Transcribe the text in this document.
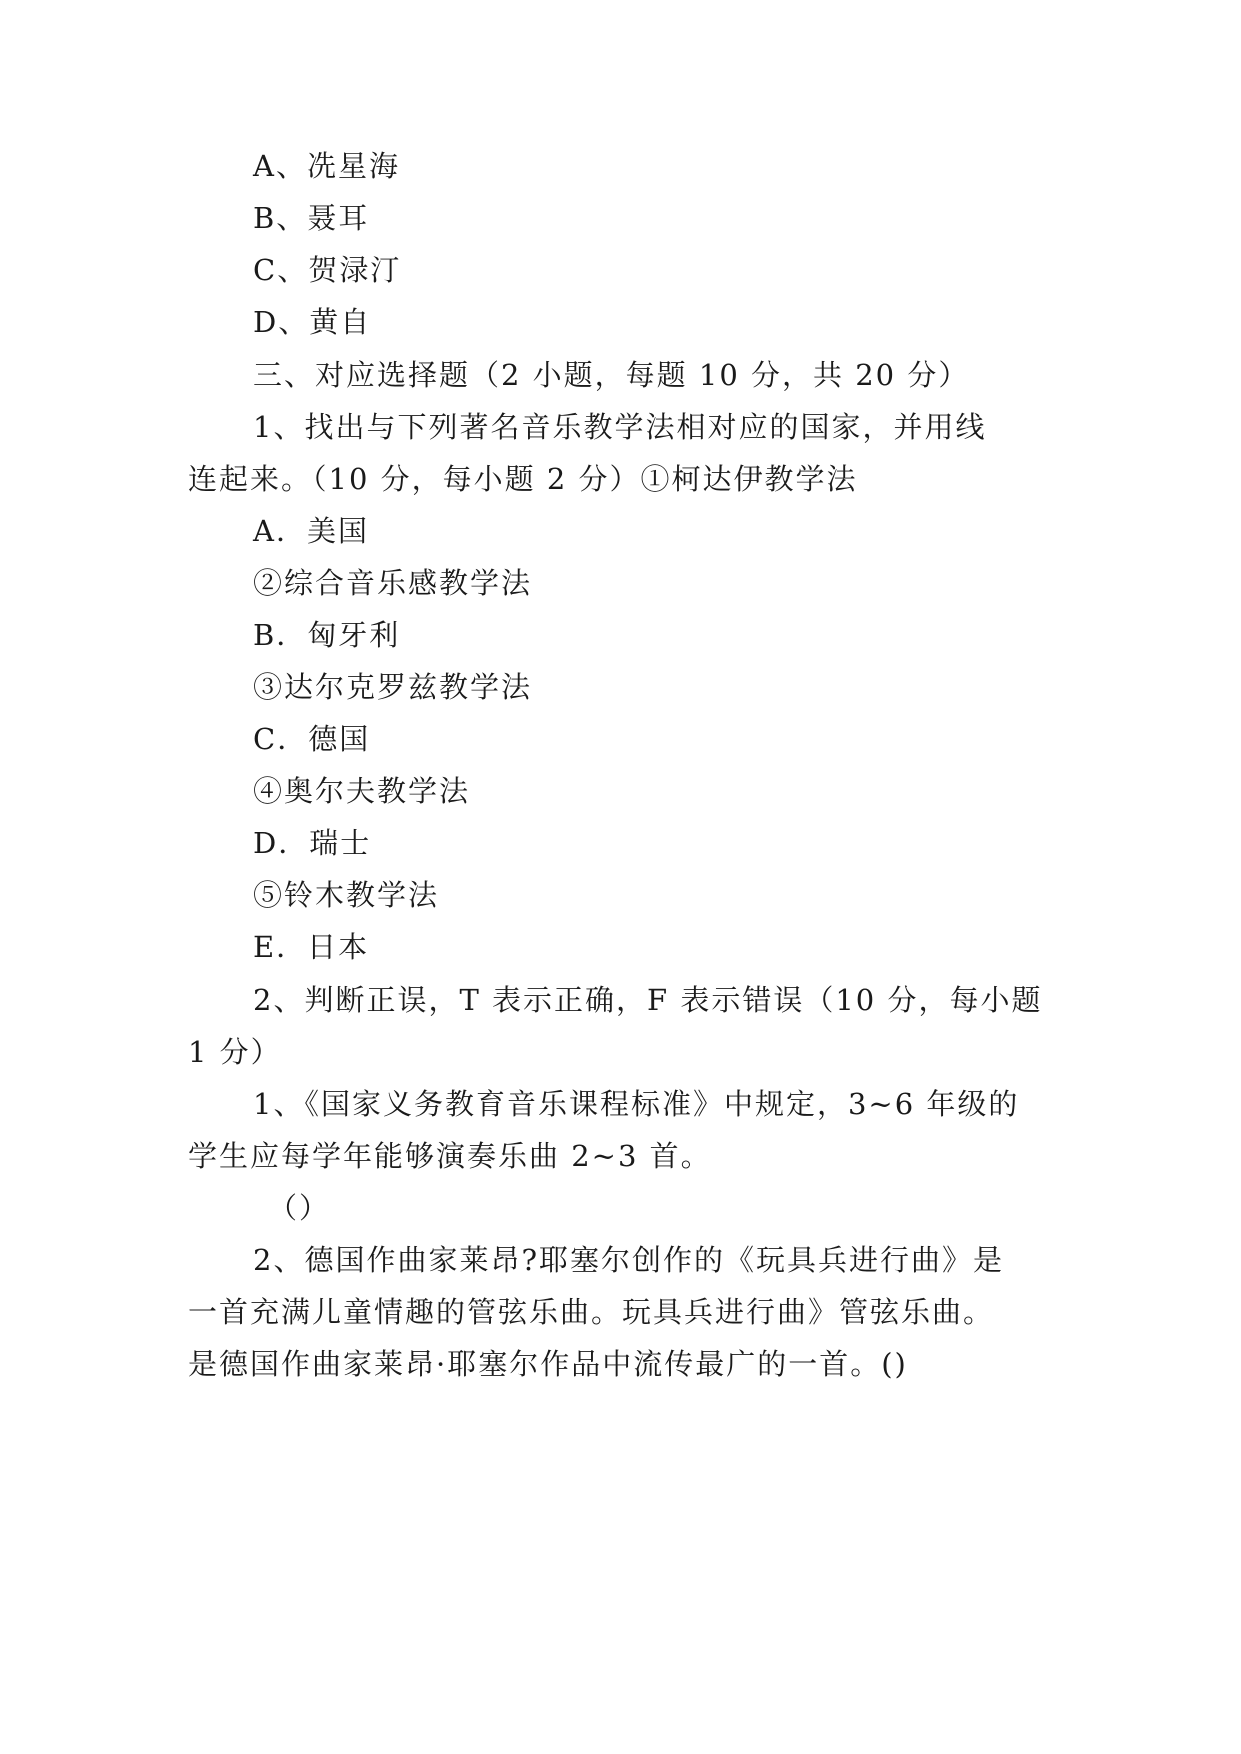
A、冼星海
B、聂耳
C、贺渌汀
D、黄自
三、对应选择题（2 小题，每题 10 分，共 20 分）
1、找出与下列著名音乐教学法相对应的国家，并用线
连起来。（10 分，每小题 2 分）①柯达伊教学法
A．美国
②综合音乐感教学法
B．匈牙利
③达尔克罗兹教学法
C．德国
④奥尔夫教学法
D．瑞士
⑤铃木教学法
E．日本
2、判断正误，T 表示正确，F 表示错误（10 分，每小题
1 分）
1、《国家义务教育音乐课程标准》中规定，3~6 年级的
学生应每学年能够演奏乐曲 2~3 首。
（）
2、德国作曲家莱昂?耶塞尔创作的《玩具兵进行曲》是
一首充满儿童情趣的管弦乐曲。玩具兵进行曲》管弦乐曲。
是德国作曲家莱昂·耶塞尔作品中流传最广的一首。()
